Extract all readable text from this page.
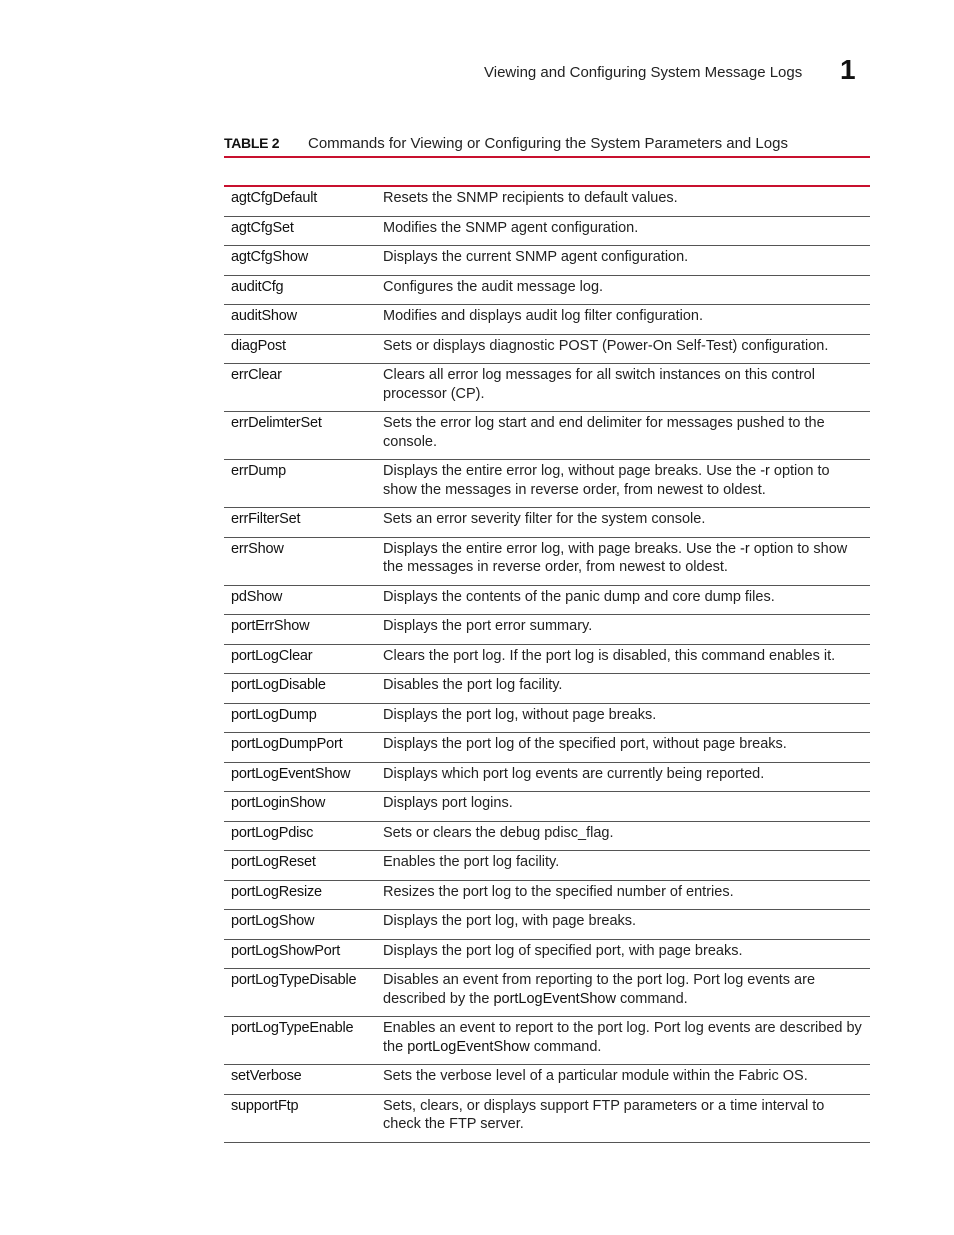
Viewing and Configuring System Message Logs 1
TABLE 2 Commands for Viewing or Configuring the System Parameters and Logs
agtCfgDefault	Resets the SNMP recipients to default values.
agtCfgSet	Modifies the SNMP agent configuration.
agtCfgShow	Displays the current SNMP agent configuration.
auditCfg	Configures the audit message log.
auditShow	Modifies and displays audit log filter configuration.
diagPost	Sets or displays diagnostic POST (Power-On Self-Test) configuration.
errClear	Clears all error log messages for all switch instances on this control processor (CP).
errDelimterSet	Sets the error log start and end delimiter for messages pushed to the console.
errDump	Displays the entire error log, without page breaks. Use the -r option to show the messages in reverse order, from newest to oldest.
errFilterSet	Sets an error severity filter for the system console.
errShow	Displays the entire error log, with page breaks. Use the -r option to show the messages in reverse order, from newest to oldest.
pdShow	Displays the contents of the panic dump and core dump files.
portErrShow	Displays the port error summary.
portLogClear	Clears the port log. If the port log is disabled, this command enables it.
portLogDisable	Disables the port log facility.
portLogDump	Displays the port log, without page breaks.
portLogDumpPort	Displays the port log of the specified port, without page breaks.
portLogEventShow	Displays which port log events are currently being reported.
portLoginShow	Displays port logins.
portLogPdisc	Sets or clears the debug pdisc_flag.
portLogReset	Enables the port log facility.
portLogResize	Resizes the port log to the specified number of entries.
portLogShow	Displays the port log, with page breaks.
portLogShowPort	Displays the port log of specified port, with page breaks.
portLogTypeDisable	Disables an event from reporting to the port log. Port log events are described by the portLogEventShow command.
portLogTypeEnable	Enables an event to report to the port log. Port log events are described by the portLogEventShow command.
setVerbose	Sets the verbose level of a particular module within the Fabric OS.
supportFtp	Sets, clears, or displays support FTP parameters or a time interval to check the FTP server.
